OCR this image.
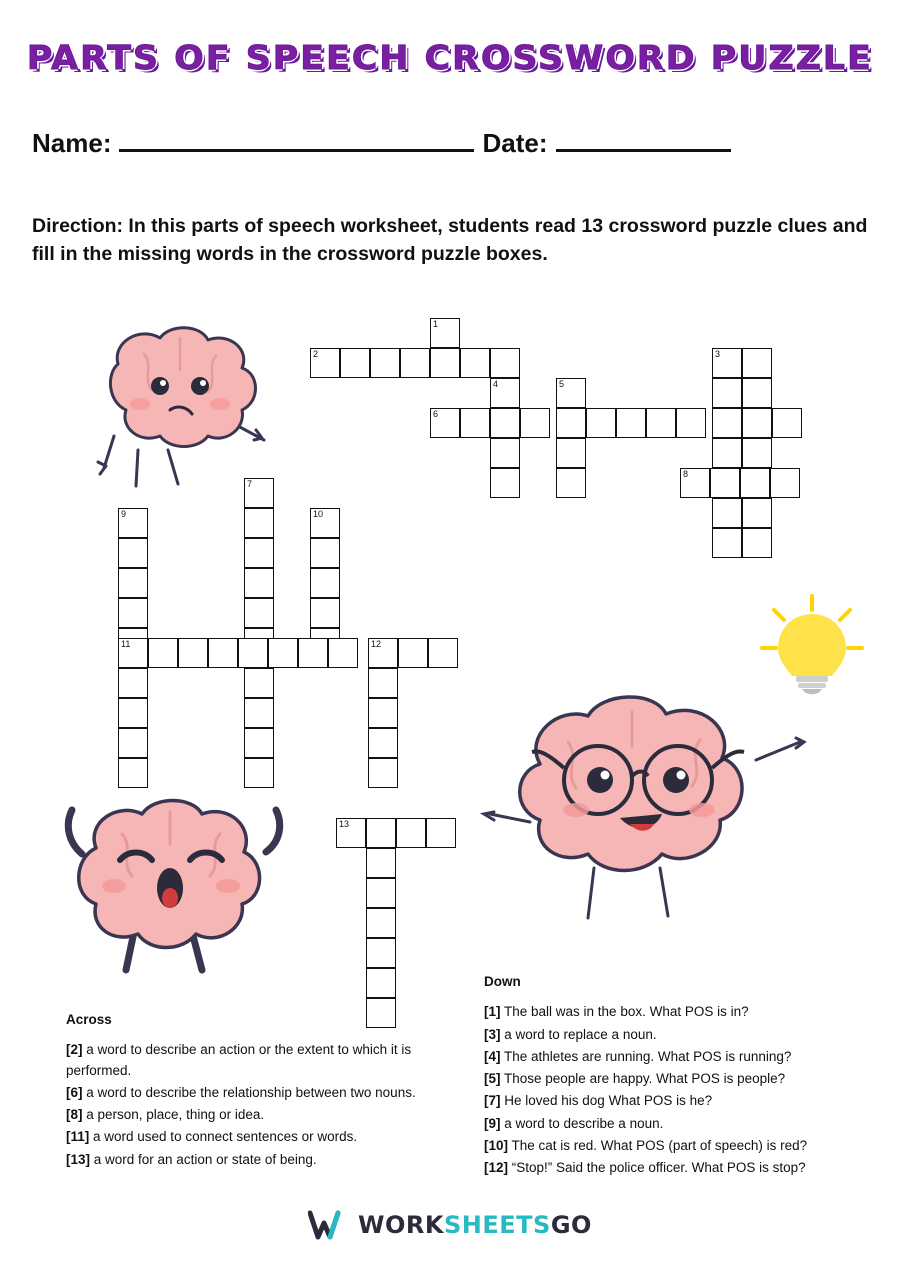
PARTS OF SPEECH CROSSWORD PUZZLE
Name:	Date:
Direction: In this parts of speech worksheet, students read 13 crossword puzzle clues and fill in the missing words in the crossword puzzle boxes.
1
2	3
4	5
6
8
7
9	10
11	12
13
Across
[2] a word to describe an action or the extent to which it is performed.
[6] a word to describe the relationship between two nouns.
[8] a person, place, thing or idea.
[11] a word used to connect sentences or words.
[13] a word for an action or state of being.
Down
[1] The ball was in the box. What POS is in?
[3] a word to replace a noun.
[4] The athletes are running. What POS is running?
[5] Those people are happy. What POS is people?
[7] He loved his dog What POS is he?
[9] a word to describe a noun.
[10] The cat is red. What POS (part of speech) is red?
[12] “Stop!” Said the police officer. What POS is stop?
WORKSHEETSGO
